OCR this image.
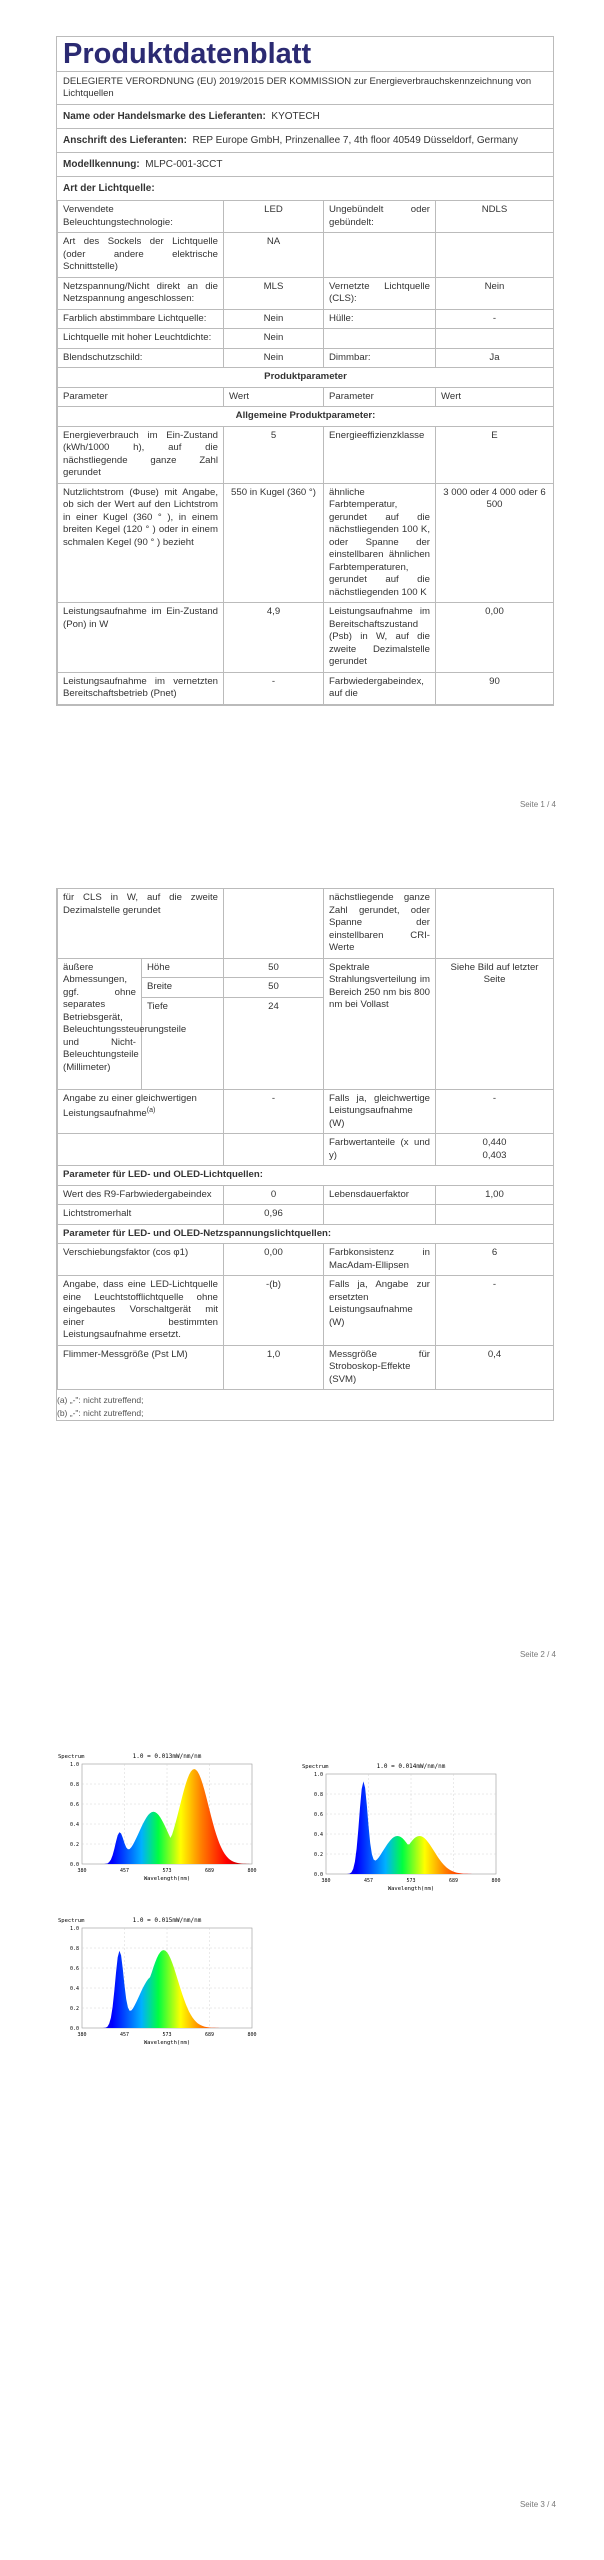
Produktdatenblatt
DELEGIERTE VERORDNUNG (EU) 2019/2015 DER KOMMISSION zur Energieverbrauchskennzeichnung von Lichtquellen
Name oder Handelsmarke des Lieferanten: KYOTECH
Anschrift des Lieferanten: REP Europe GmbH, Prinzenallee 7, 4th floor 40549 Düsseldorf, Germany
Modellkennung: MLPC-001-3CCT
Art der Lichtquelle:
Verwendete Beleuchtungstechnologie:	LED	Ungebündelt oder gebündelt:	NDLS
Art des Sockels der Lichtquelle (oder andere elektrische Schnittstelle)	NA		
Netzspannung/Nicht direkt an die Netzspannung angeschlossen:	MLS	Vernetzte Lichtquelle (CLS):	Nein
Farblich abstimmbare Lichtquelle:	Nein	Hülle:	-
Lichtquelle mit hoher Leuchtdichte:	Nein		
Blendschutzschild:	Nein	Dimmbar:	Ja
Produktparameter			
Parameter	Wert	Parameter	Wert
Allgemeine Produktparameter:			
Energieverbrauch im Ein-Zustand (kWh/1000 h), auf die nächstliegende ganze Zahl gerundet	5	Energieeffizienzklasse	E
Nutzlichtstrom (Φuse) mit Angabe, ob sich der Wert auf den Lichtstrom in einer Kugel (360 ° ), in einem breiten Kegel (120 ° ) oder in einem schmalen Kegel (90 ° ) bezieht	550 in Kugel (360 °)	ähnliche Farbtemperatur, gerundet auf die nächstliegenden 100 K, oder Spanne der einstellbaren ähnlichen Farbtemperaturen, gerundet auf die nächstliegenden 100 K	3 000 oder 4 000 oder 6 500
Leistungsaufnahme im Ein-Zustand (Pon) in W	4,9	Leistungsaufnahme im Bereitschaftszustand (Psb) in W, auf die zweite Dezimalstelle gerundet	0,00
Leistungsaufnahme im vernetzten Bereitschaftsbetrieb (Pnet)	-	Farbwiedergabeindex, auf die	90
Seite 1 / 4
für CLS in W, auf die zweite Dezimalstelle gerundet			nächstliegende ganze Zahl gerundet, oder Spanne der einstellbaren CRI-Werte	
äußere Abmessungen, ggf. ohne separates Betriebsgerät, Beleuchtungssteuerungsteile und Nicht-Beleuchtungsteile (Millimeter)	Höhe	50	Spektrale Strahlungsverteilung im Bereich 250 nm bis 800 nm bei Vollast	Siehe Bild auf letzter Seite
	Breite	50		
	Tiefe	24		
Angabe zu einer gleichwertigen Leistungsaufnahme$^{(a)}$		-	Falls ja, gleichwertige Leistungsaufnahme (W)	-
			Farbwertanteile (x und y)	0,440
0,403
Parameter für LED- und OLED-Lichtquellen:				
Wert des R9-Farbwiedergabeindex		0	Lebensdauerfaktor	1,00
Lichtstromerhalt		0,96		
Parameter für LED- und OLED-Netzspannungslichtquellen:				
Verschiebungsfaktor (cos φ1)		0,00	Farbkonsistenz in MacAdam-Ellipsen	6
Angabe, dass eine LED-Lichtquelle eine Leuchtstofflichtquelle ohne eingebautes Vorschaltgerät mit einer bestimmten Leistungsaufnahme ersetzt.		-(b)	Falls ja, Angabe zur ersetzten Leistungsaufnahme (W)	-
Flimmer-Messgröße (Pst LM)		1,0	Messgröße für Stroboskop-Effekte (SVM)	0,4
(a) „-": nicht zutreffend;
(b) „-": nicht zutreffend;
Seite 2 / 4
1.0 = 0.013mW/nm/nm
Spectrum
1.0
0.8
0.6
0.4
0.2
0.0
380	457	573	689	800
Wavelength(nm)
1.0 = 0.014mW/nm/nm
Spectrum
1.0
0.8
0.6
0.4
0.2
0.0
380	457	573	689	800
Wavelength(nm)
1.0 = 0.015mW/nm/nm
Spectrum
1.0
0.8
0.6
0.4
0.2
0.0
380	457	573	689	800
Wavelength(nm)
Seite 3 / 4
